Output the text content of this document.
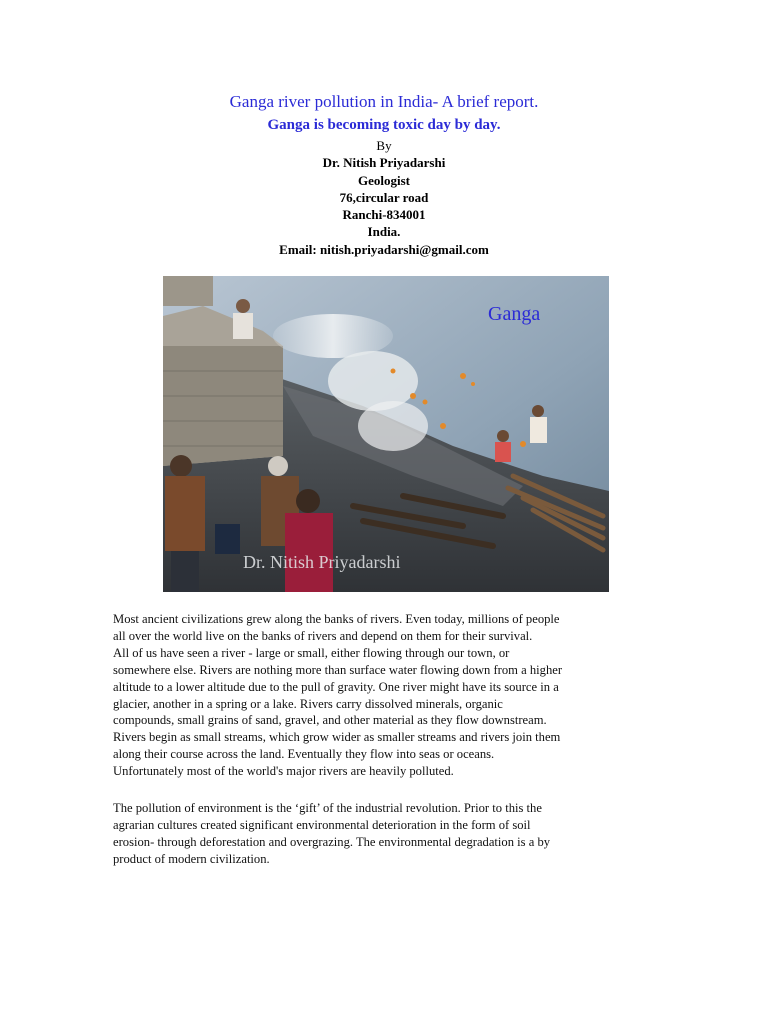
Ganga river pollution in India- A brief report.
Ganga is becoming toxic day by day.
By
Dr. Nitish Priyadarshi
Geologist
76,circular road
Ranchi-834001
India.
Email: nitish.priyadarshi@gmail.com
Ganga
Dr. Nitish Priyadarshi
Most ancient civilizations grew along the banks of rivers. Even today, millions of people
all over the world live on the banks of rivers and depend on them for their survival.
All of us have seen a river - large or small, either flowing through our town, or
somewhere else. Rivers are nothing more than surface water flowing down from a higher
altitude to a lower altitude due to the pull of gravity. One river might have its source in a
glacier, another in a spring or a lake. Rivers carry dissolved minerals, organic
compounds, small grains of sand, gravel, and other material as they flow downstream.
Rivers begin as small streams, which grow wider as smaller streams and rivers join them
along their course across the land. Eventually they flow into seas or oceans.
Unfortunately most of the world's major rivers are heavily polluted.
The pollution of environment is the ‘gift’ of the industrial revolution. Prior to this the
agrarian cultures created significant environmental deterioration in the form of soil
erosion- through deforestation and overgrazing. The environmental degradation is a by
product of modern civilization.
